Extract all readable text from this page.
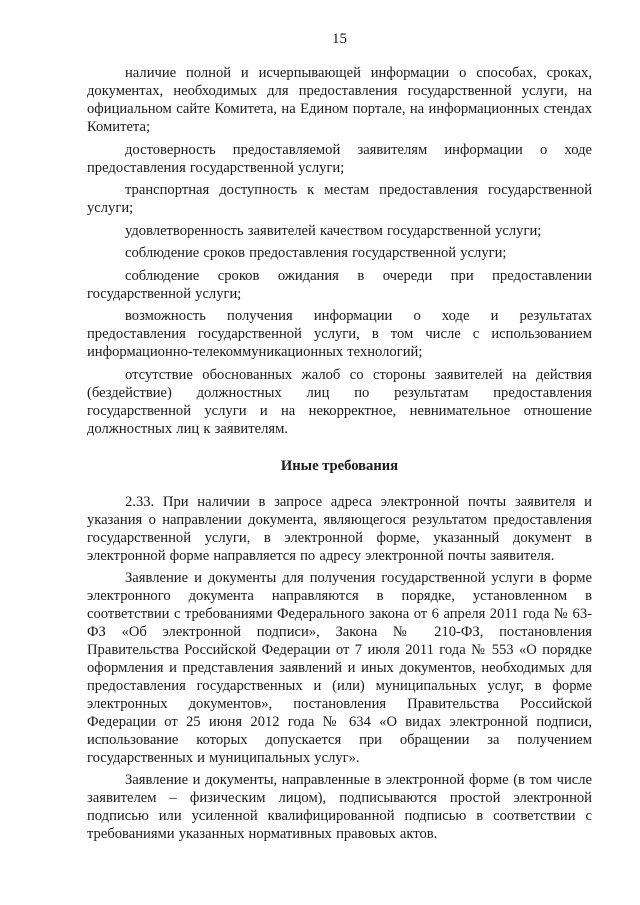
15

наличие полной и исчерпывающей информации о способах, сроках, документах, необходимых для предоставления государственной услуги, на официальном сайте Комитета, на Едином портале, на информационных стендах Комитета;

достоверность предоставляемой заявителям информации о ходе предоставления государственной услуги;

транспортная доступность к местам предоставления государственной услуги;

удовлетворенность заявителей качеством государственной услуги;

соблюдение сроков предоставления государственной услуги;

соблюдение сроков ожидания в очереди при предоставлении государственной услуги;

возможность получения информации о ходе и результатах предоставления государственной услуги, в том числе с использованием информационно-телекоммуникационных технологий;

отсутствие обоснованных жалоб со стороны заявителей на действия (бездействие) должностных лиц по результатам предоставления государственной услуги и на некорректное, невнимательное отношение должностных лиц к заявителям.

Иные требования

2.33. При наличии в запросе адреса электронной почты заявителя и указания о направлении документа, являющегося результатом предоставления государственной услуги, в электронной форме, указанный документ в электронной форме направляется по адресу электронной почты заявителя.

Заявление и документы для получения государственной услуги в форме электронного документа направляются в порядке, установленном в соответствии с требованиями Федерального закона от 6 апреля 2011 года № 63-ФЗ «Об электронной подписи», Закона № 210-ФЗ, постановления Правительства Российской Федерации от 7 июля 2011 года № 553 «О порядке оформления и представления заявлений и иных документов, необходимых для предоставления государственных и (или) муниципальных услуг, в форме электронных документов», постановления Правительства Российской Федерации от 25 июня 2012 года № 634 «О видах электронной подписи, использование которых допускается при обращении за получением государственных и муниципальных услуг».

Заявление и документы, направленные в электронной форме (в том числе заявителем – физическим лицом), подписываются простой электронной подписью или усиленной квалифицированной подписью в соответствии с требованиями указанных нормативных правовых актов.
